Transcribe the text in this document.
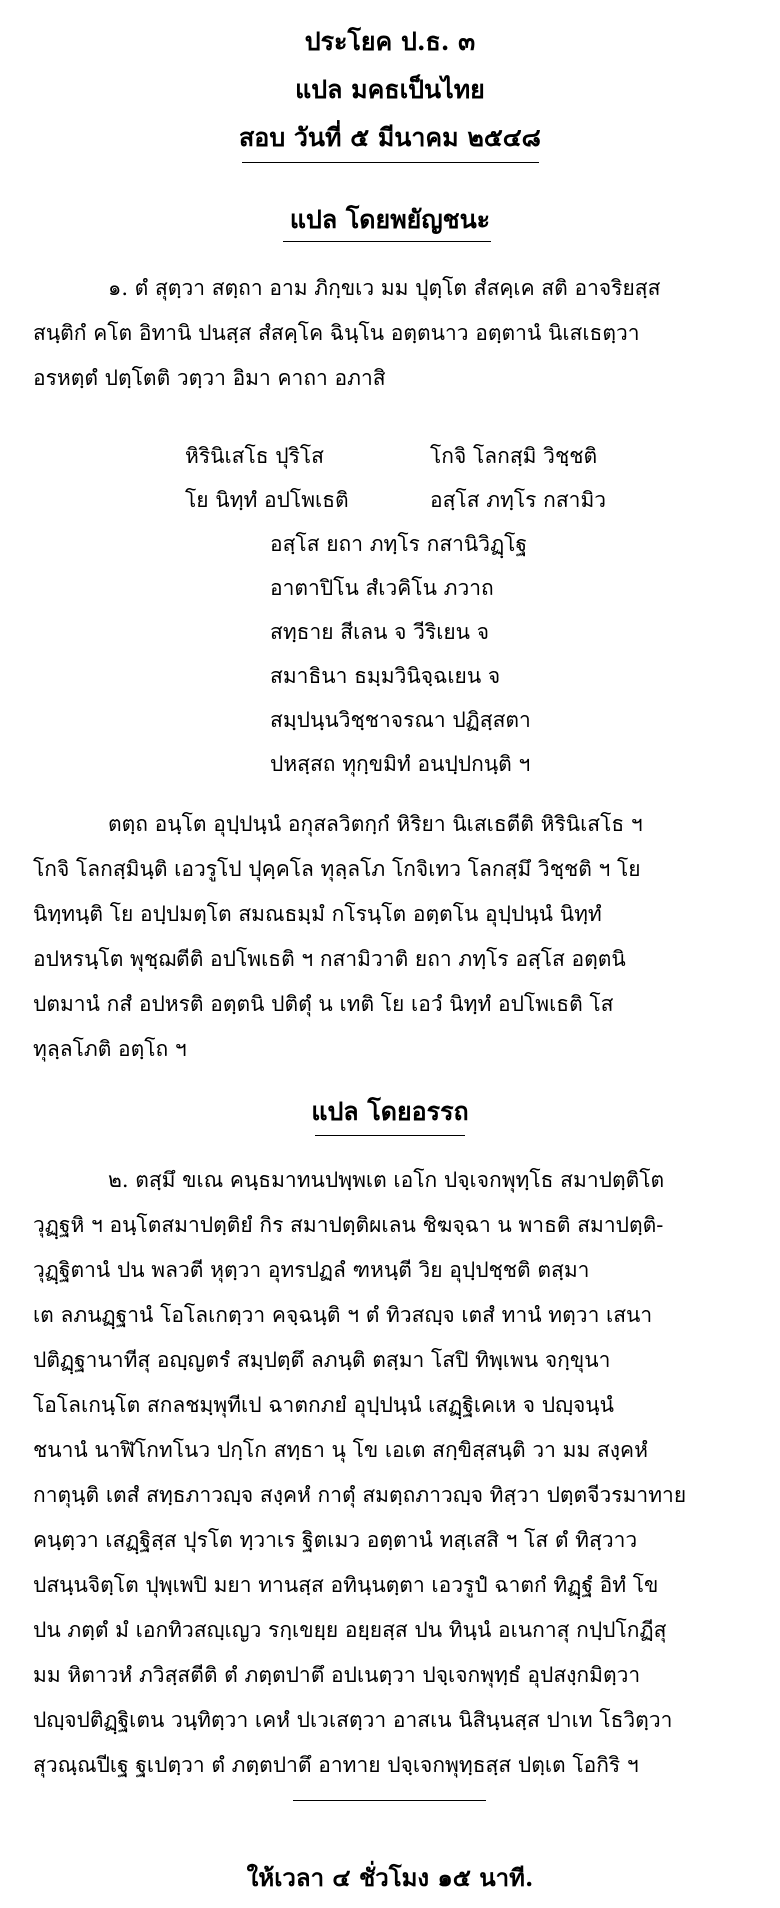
ประโยค ป.ธ. ๓
แปล มคธเป็นไทย
สอบ วันที่ ๕ มีนาคม ๒๕๔๘
แปล โดยพยัญชนะ
๑. ตํ สุตฺวา สตฺถา อาม ภิกฺขเว มม ปุตฺโต สํสคฺเค สติ อาจริยสฺส
สนฺติกํ คโต อิทานิ ปนสฺส สํสคฺโค ฉินฺโน อตฺตนาว อตฺตานํ นิเสเธตฺวา
อรหตฺตํ ปตฺโตติ วตฺวา อิมา คาถา อภาสิ
หิรินิเสโธ ปุริโส	โกจิ โลกสฺมิ วิชฺชติ
โย นิทฺทํ อปโพเธติ	อสฺโส ภทฺโร กสามิว
อสฺโส ยถา ภทฺโร กสานิวิฏฺโฐ
อาตาปิโน สํเวคิโน ภวาถ
สทฺธาย สีเลน จ วีริเยน จ
สมาธินา ธมฺมวินิจฺฉเยน จ
สมฺปนฺนวิชฺชาจรณา ปฏิสฺสตา
ปหสฺสถ ทุกฺขมิทํ อนปฺปกนฺติ ฯ
ตตฺถ อนฺโต อุปฺปนฺนํ อกุสลวิตกฺกํ หิริยา นิเสเธตีติ หิรินิเสโธ ฯ
โกจิ โลกสฺมินฺติ เอวรูโป ปุคฺคโล ทุลฺลโภ โกจิเทว โลกสฺมึ วิชฺชติ ฯ โย
นิทฺทนฺติ โย อปฺปมตฺโต สมณธมฺมํ กโรนฺโต อตฺตโน อุปฺปนฺนํ นิทฺทํ
อปหรนฺโต พุชฺฌตีติ อปโพเธติ ฯ กสามิวาติ ยถา ภทฺโร อสฺโส อตฺตนิ
ปตมานํ กสํ อปหรติ อตฺตนิ ปติตุํ น เทติ โย เอวํ นิทฺทํ อปโพเธติ โส
ทุลฺลโภติ อตฺโถ ฯ
แปล โดยอรรถ
๒. ตสฺมึ ขเณ คนฺธมาทนปพฺพเต เอโก ปจฺเจกพุทฺโธ สมาปตฺติโต
วุฏฺฐหิ ฯ อนฺโตสมาปตฺติยํ กิร สมาปตฺติผเลน ชิฆจฺฉา น พาธติ สมาปตฺติ-
วุฏฺฐิตานํ ปน พลวตี หุตฺวา อุทรปฏลํ ฑหนฺตี วิย อุปฺปชฺชติ ตสฺมา
เต ลภนฏฺฐานํ โอโลเกตฺวา คจฺฉนฺติ ฯ ตํ ทิวสญฺจ เตสํ ทานํ ทตฺวา เสนา
ปติฏฺฐานาทีสุ อญฺญตรํ สมฺปตฺตึ ลภนฺติ ตสฺมา โสปิ ทิพฺเพน จกฺขุนา
โอโลเกนฺโต สกลชมฺพุทีเป ฉาตกภยํ อุปฺปนฺนํ เสฏฺฐิเคเห จ ปญฺจนฺนํ
ชนานํ นาฬิโกทโนว ปกฺโก สทฺธา นุ โข เอเต สกฺขิสฺสนฺติ วา มม สงฺคหํ
กาตุนฺติ เตสํ สทฺธภาวญฺจ สงฺคหํ กาตุํ สมตฺถภาวญฺจ ทิสฺวา ปตฺตจีวรมาทาย
คนฺตฺวา เสฏฺฐิสฺส ปุรโต ทฺวาเร ฐิตเมว อตฺตานํ ทสฺเสสิ ฯ โส ตํ ทิสฺวาว
ปสนฺนจิตฺโต ปุพฺเพปิ มยา ทานสฺส อทินฺนตฺตา เอวรูปํ ฉาตกํ ทิฏฺฐํ อิทํ โข
ปน ภตฺตํ มํ เอกทิวสญฺเญว รกฺเขยฺย อยฺยสฺส ปน ทินฺนํ อเนกาสุ กปฺปโกฏีสุ
มม หิตาวหํ ภวิสฺสตีติ ตํ ภตฺตปาตึ อปเนตฺวา ปจฺเจกพุทฺธํ อุปสงฺกมิตฺวา
ปญฺจปติฏฺฐิเตน วนฺทิตฺวา เคหํ ปเวเสตฺวา อาสเน นิสินฺนสฺส ปาเท โธวิตฺวา
สุวณฺณปีเฐ ฐเปตฺวา ตํ ภตฺตปาตึ อาทาย ปจฺเจกพุทฺธสฺส ปตฺเต โอกิริ ฯ
ให้เวลา ๔ ชั่วโมง ๑๕ นาที.
